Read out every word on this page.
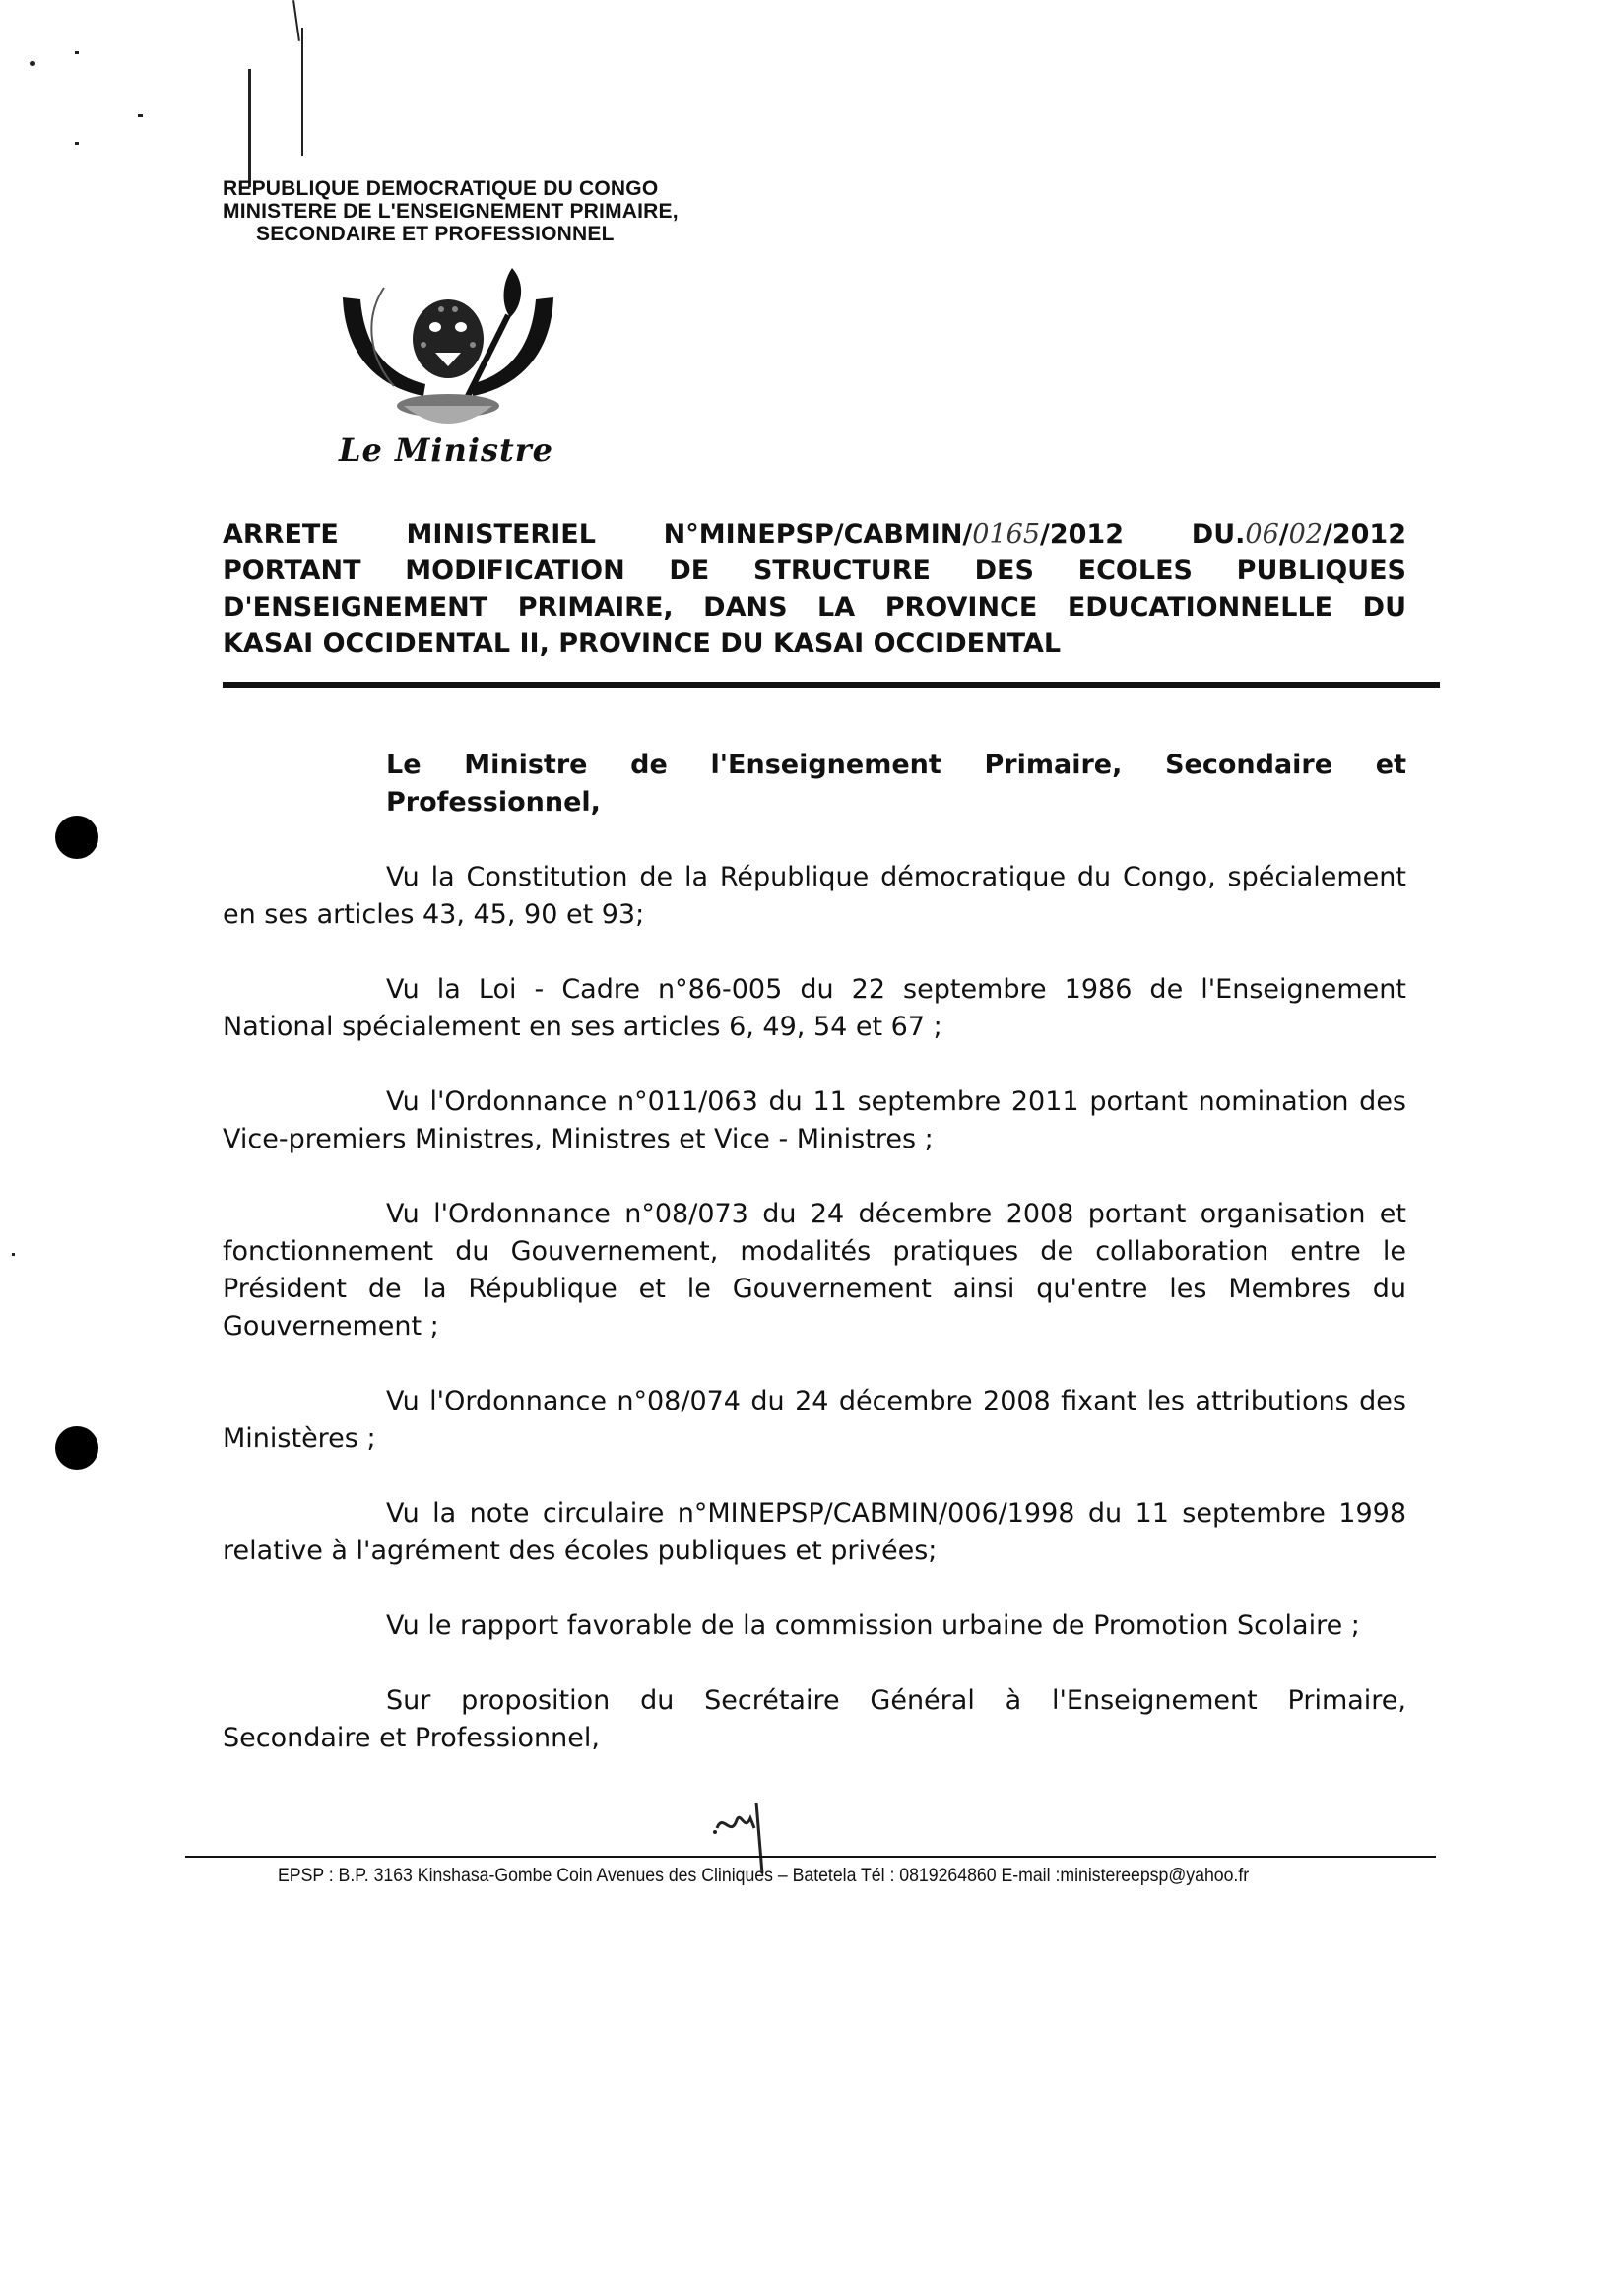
REPUBLIQUE DEMOCRATIQUE DU CONGO
MINISTERE DE L'ENSEIGNEMENT PRIMAIRE,
SECONDAIRE ET PROFESSIONNEL
Le Ministre
ARRETE MINISTERIEL N°MINEPSP/CABMIN/0165/2012 DU.06/02/2012
PORTANT MODIFICATION DE STRUCTURE DES ECOLES PUBLIQUES
D'ENSEIGNEMENT PRIMAIRE, DANS LA PROVINCE EDUCATIONNELLE DU
KASAI OCCIDENTAL II, PROVINCE DU KASAI OCCIDENTAL
Le Ministre de l'Enseignement Primaire, Secondaire et Professionnel,

Vu la Constitution de la République démocratique du Congo, spécialement en ses articles 43, 45, 90 et 93;

Vu la Loi - Cadre n°86-005 du 22 septembre 1986 de l'Enseignement National spécialement en ses articles 6, 49, 54 et 67 ;

Vu l'Ordonnance n°011/063 du 11 septembre 2011 portant nomination des Vice-premiers Ministres, Ministres et Vice - Ministres ;

Vu l'Ordonnance n°08/073 du 24 décembre 2008 portant organisation et fonctionnement du Gouvernement, modalités pratiques de collaboration entre le Président de la République et le Gouvernement ainsi qu'entre les Membres du Gouvernement ;

Vu l'Ordonnance n°08/074 du 24 décembre 2008 fixant les attributions des Ministères ;

Vu la note circulaire n°MINEPSP/CABMIN/006/1998 du 11 septembre 1998 relative à l'agrément des écoles publiques et privées;

Vu le rapport favorable de la commission urbaine de Promotion Scolaire ;

Sur proposition du Secrétaire Général à l'Enseignement Primaire, Secondaire et Professionnel,

EPSP : B.P. 3163 Kinshasa-Gombe Coin Avenues des Cliniques – Batetela Tél : 0819264860 E-mail :ministereepsp@yahoo.fr
